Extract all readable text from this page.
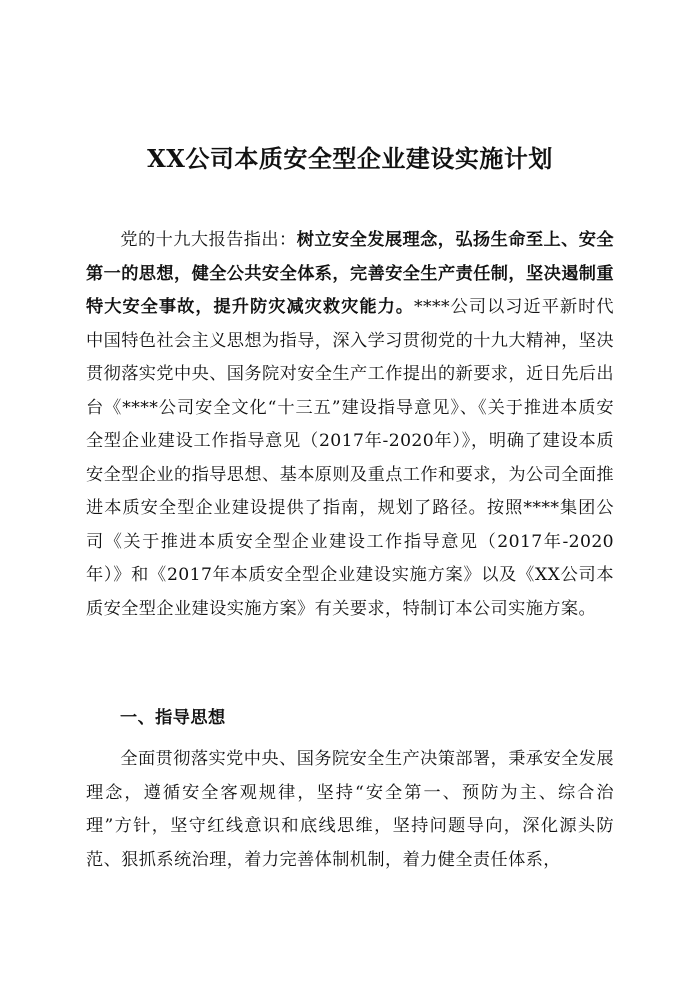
XX公司本质安全型企业建设实施计划

党的十九大报告指出：树立安全发展理念，弘扬生命至上、安全第一的思想，健全公共安全体系，完善安全生产责任制，坚决遏制重特大安全事故，提升防灾减灾救灾能力。****公司以习近平新时代中国特色社会主义思想为指导，深入学习贯彻党的十九大精神，坚决贯彻落实党中央、国务院对安全生产工作提出的新要求，近日先后出台《****公司安全文化“十三五”建设指导意见》、《关于推进本质安全型企业建设工作指导意见（2017年-2020年）》，明确了建设本质安全型企业的指导思想、基本原则及重点工作和要求，为公司全面推进本质安全型企业建设提供了指南，规划了路径。按照****集团公司《关于推进本质安全型企业建设工作指导意见（2017年-2020年）》和《2017年本质安全型企业建设实施方案》以及《XX公司本质安全型企业建设实施方案》有关要求，特制订本公司实施方案。

一、指导思想

全面贯彻落实党中央、国务院安全生产决策部署，秉承安全发展理念，遵循安全客观规律，坚持“安全第一、预防为主、综合治理”方针，坚守红线意识和底线思维，坚持问题导向，深化源头防范、狠抓系统治理，着力完善体制机制，着力健全责任体系，
